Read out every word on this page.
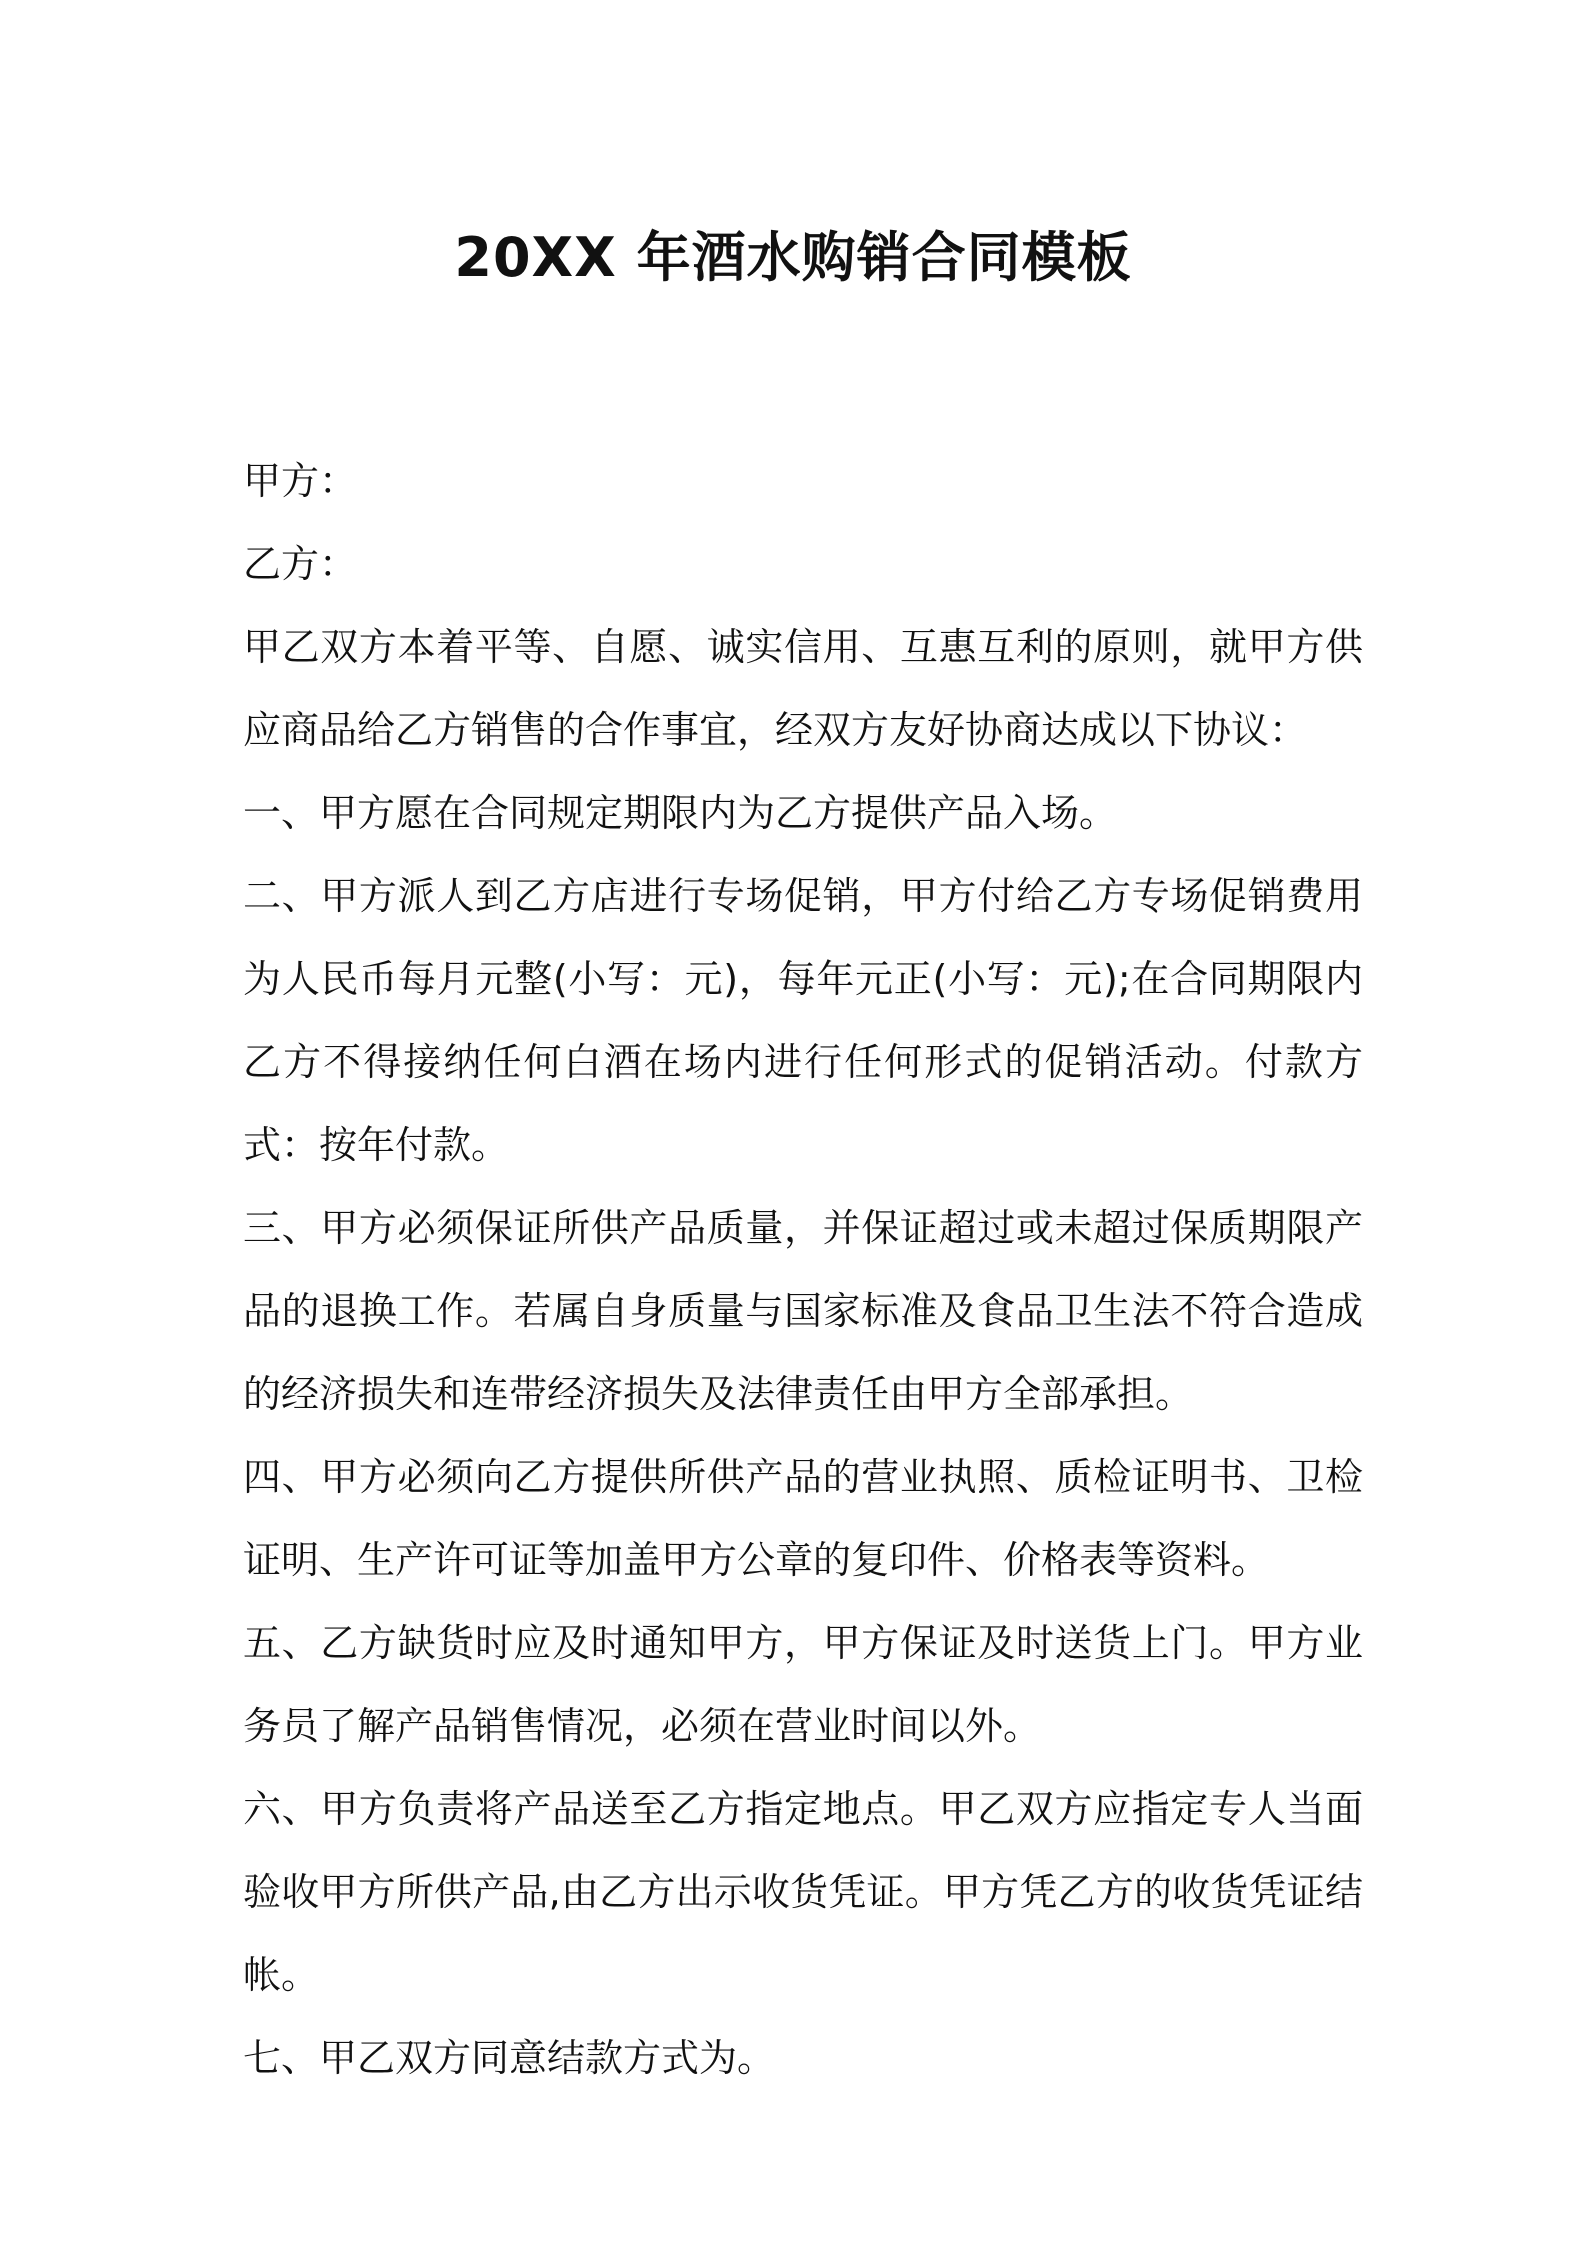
20XX 年酒水购销合同模板

甲方：

乙方：

甲乙双方本着平等、自愿、诚实信用、互惠互利的原则，就甲方供应商品给乙方销售的合作事宜，经双方友好协商达成以下协议：

一、甲方愿在合同规定期限内为乙方提供产品入场。

二、甲方派人到乙方店进行专场促销，甲方付给乙方专场促销费用为人民币每月元整(小写：元)，每年元正(小写：元);在合同期限内乙方不得接纳任何白酒在场内进行任何形式的促销活动。付款方式：按年付款。

三、甲方必须保证所供产品质量，并保证超过或未超过保质期限产品的退换工作。若属自身质量与国家标准及食品卫生法不符合造成的经济损失和连带经济损失及法律责任由甲方全部承担。

四、甲方必须向乙方提供所供产品的营业执照、质检证明书、卫检证明、生产许可证等加盖甲方公章的复印件、价格表等资料。

五、乙方缺货时应及时通知甲方，甲方保证及时送货上门。甲方业务员了解产品销售情况，必须在营业时间以外。

六、甲方负责将产品送至乙方指定地点。甲乙双方应指定专人当面验收甲方所供产品,由乙方出示收货凭证。甲方凭乙方的收货凭证结帐。

七、甲乙双方同意结款方式为。
